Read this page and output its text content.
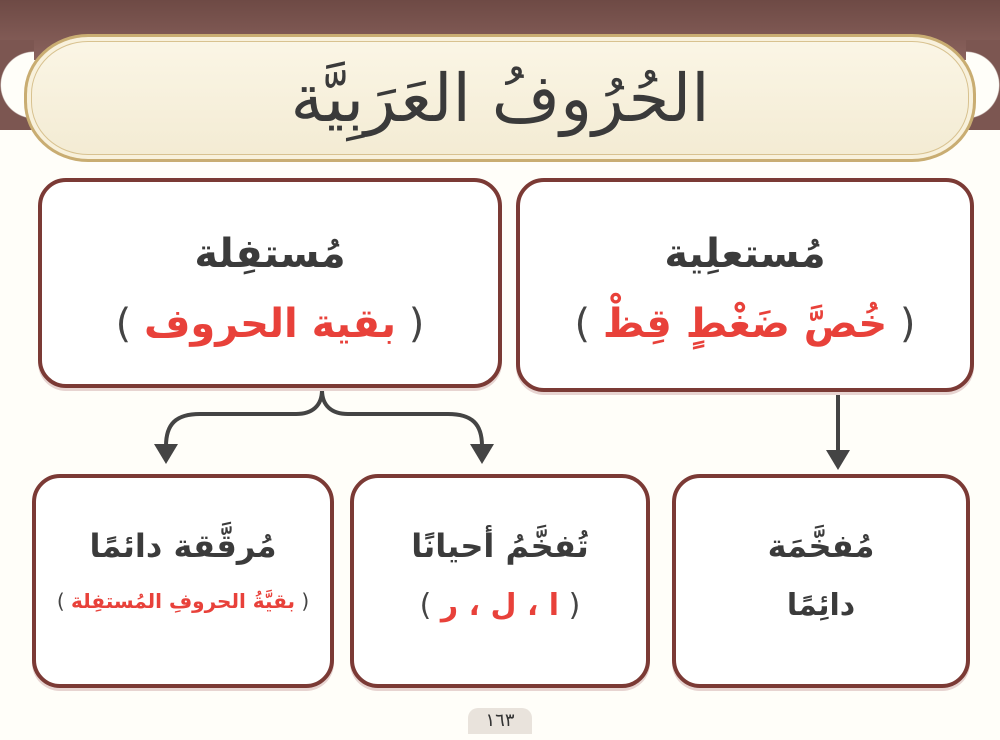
الحُرُوفُ العَرَبِيَّة
مُستعلِية
( خُصَّ ضَغْطٍ قِظْ )
مُستفِلة
( بقية الحروف )
مُفخَّمَة
دائِمًا
تُفخَّمُ أحيانًا
( ا ، ل ، ر )
مُرقَّقة دائمًا
( بقيَّةُ الحروفِ المُستفِلة )
١٦٣
